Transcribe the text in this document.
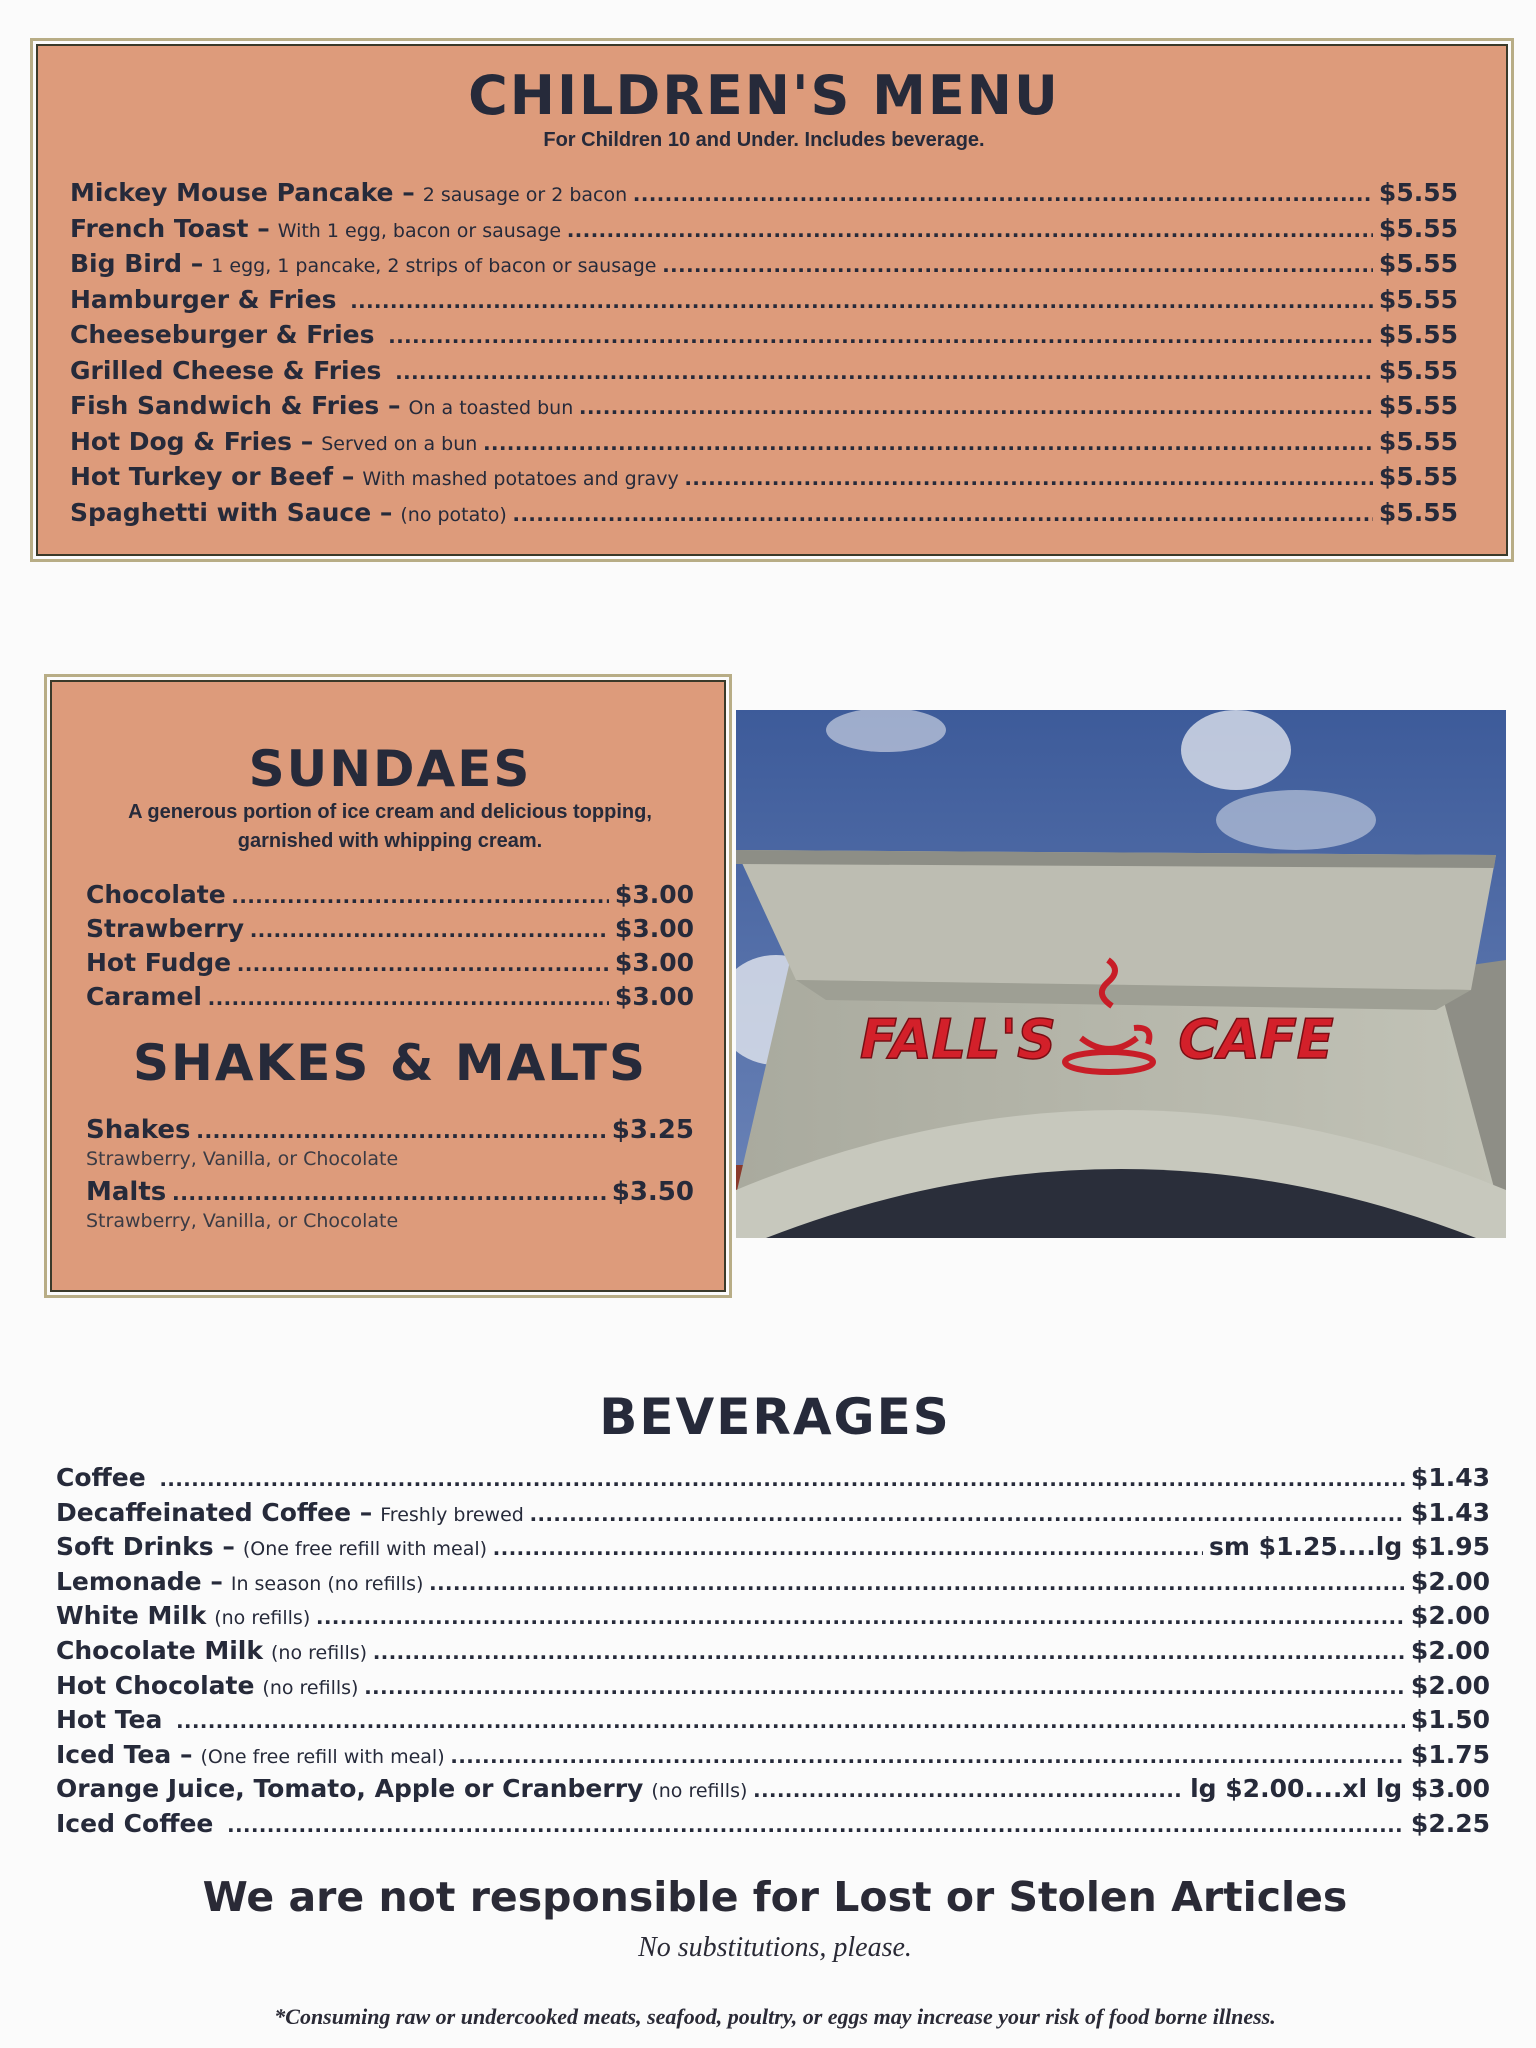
CHILDREN'S MENU

For Children 10 and Under. Includes beverage.

Mickey Mouse Pancake – 2 sausage or 2 bacon .....	$5.55
French Toast – With 1 egg, bacon or sausage .....	$5.55
Big Bird – 1 egg, 1 pancake, 2 strips of bacon or sausage .....	$5.55
Hamburger & Fries .....	$5.55
Cheeseburger & Fries .....	$5.55
Grilled Cheese & Fries .....	$5.55
Fish Sandwich & Fries – On a toasted bun .....	$5.55
Hot Dog & Fries – Served on a bun .....	$5.55
Hot Turkey or Beef – With mashed potatoes and gravy .....	$5.55
Spaghetti with Sauce – (no potato) .....	$5.55
SUNDAES

A generous portion of ice cream and delicious topping, garnished with whipping cream.

Chocolate .....	$3.00
Strawberry .....	$3.00
Hot Fudge .....	$3.00
Caramel .....	$3.00
SHAKES & MALTS
Shakes .....	$3.25

Strawberry, Vanilla, or Chocolate

Malts .....	$3.50

Strawberry, Vanilla, or Chocolate

FALL'S CAFE
BEVERAGES
Coffee .....	$1.43
Decaffeinated Coffee – Freshly brewed .....	$1.43
Soft Drinks – (One free refill with meal) .....	sm $1.25....lg $1.95
Lemonade – In season (no refills) .....	$2.00
White Milk (no refills) .....	$2.00
Chocolate Milk (no refills) .....	$2.00
Hot Chocolate (no refills) .....	$2.00
Hot Tea .....	$1.50
Iced Tea – (One free refill with meal) .....	$1.75
Orange Juice, Tomato, Apple or Cranberry (no refills) .....	lg $2.00....xl lg $3.00
Iced Coffee .....	$2.25
We are not responsible for Lost or Stolen Articles
No substitutions, please.
*Consuming raw or undercooked meats, seafood, poultry, or eggs may increase your risk of food borne illness.
